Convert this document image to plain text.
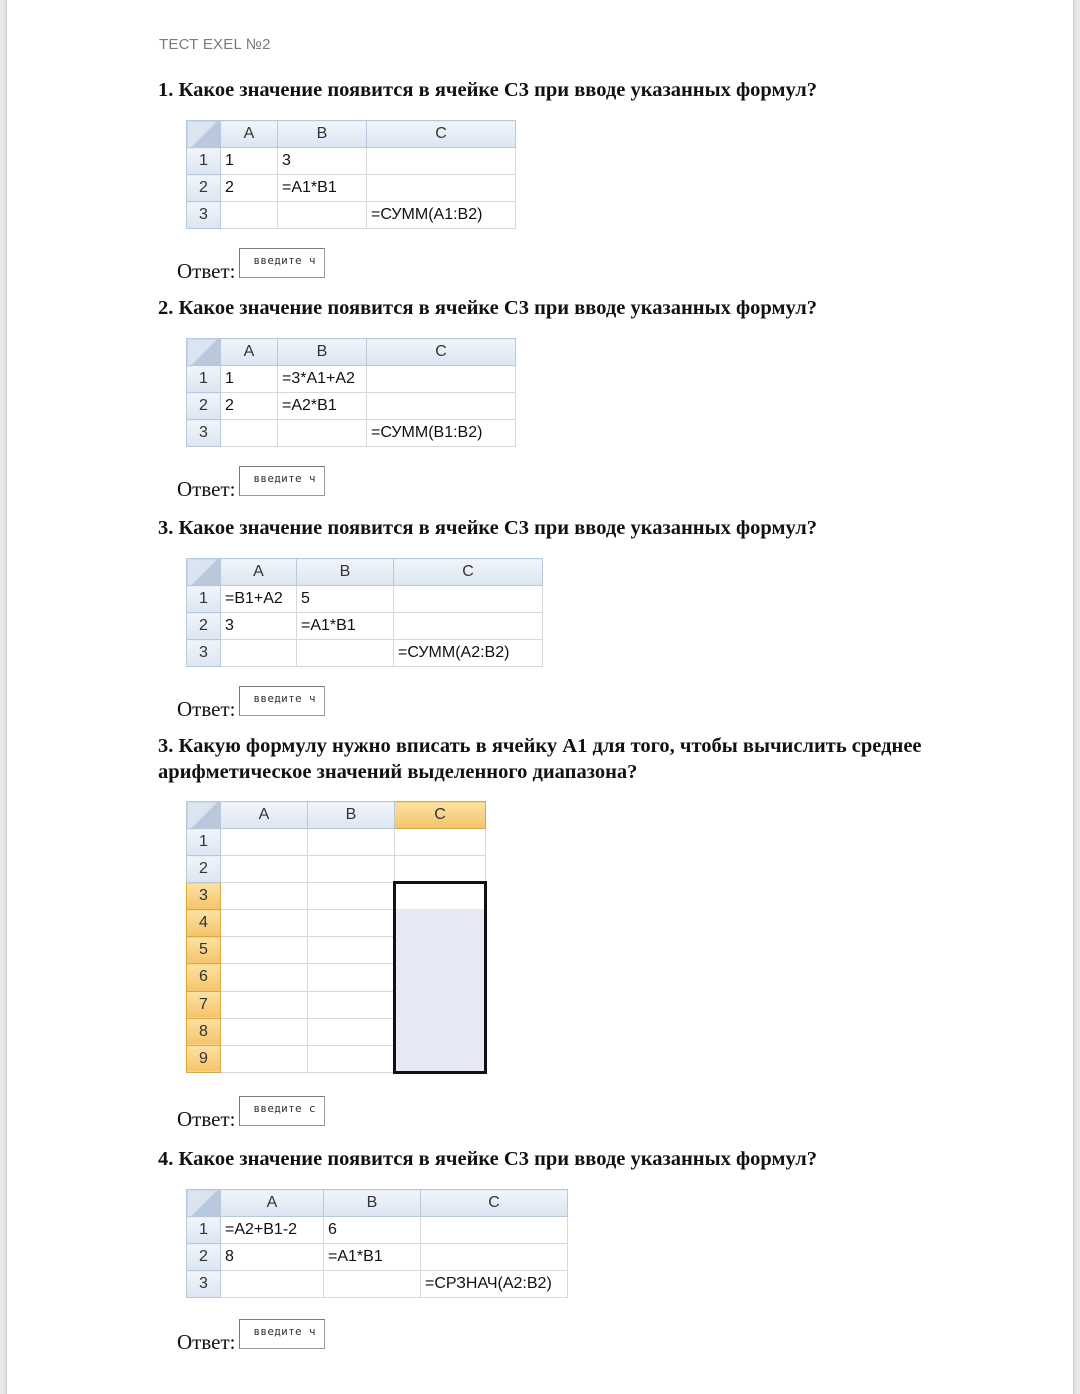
ТЕСТ EXEL №2
1. Какое значение появится в ячейке С3 при вводе указанных формул?
	A	B	C
1	1	3	
2	2	=A1*B1	
3			=СУММ(A1:B2)
Ответ:	введите ч
2. Какое значение появится в ячейке С3 при вводе указанных формул?
	A	B	C
1	1	=3*A1+A2	
2	2	=A2*B1	
3			=СУММ(B1:B2)
Ответ:	введите ч
3. Какое значение появится в ячейке С3 при вводе указанных формул?
	A	B	C
1	=B1+A2	5	
2	3	=A1*B1	
3			=СУММ(A2:B2)
Ответ:	введите ч
3. Какую формулу нужно вписать в ячейку А1 для того, чтобы вычислить среднее арифметическое значений выделенного диапазона?
	A	B	C
1			
2			
3			

4			
5			
6			
7			
8			
9			
Ответ:	введите с
4. Какое значение появится в ячейке С3 при вводе указанных формул?
	A	B	C
1	=A2+B1-2	6	
2	8	=A1*B1	
3			=СРЗНАЧ(A2:B2)
Ответ:	введите ч
